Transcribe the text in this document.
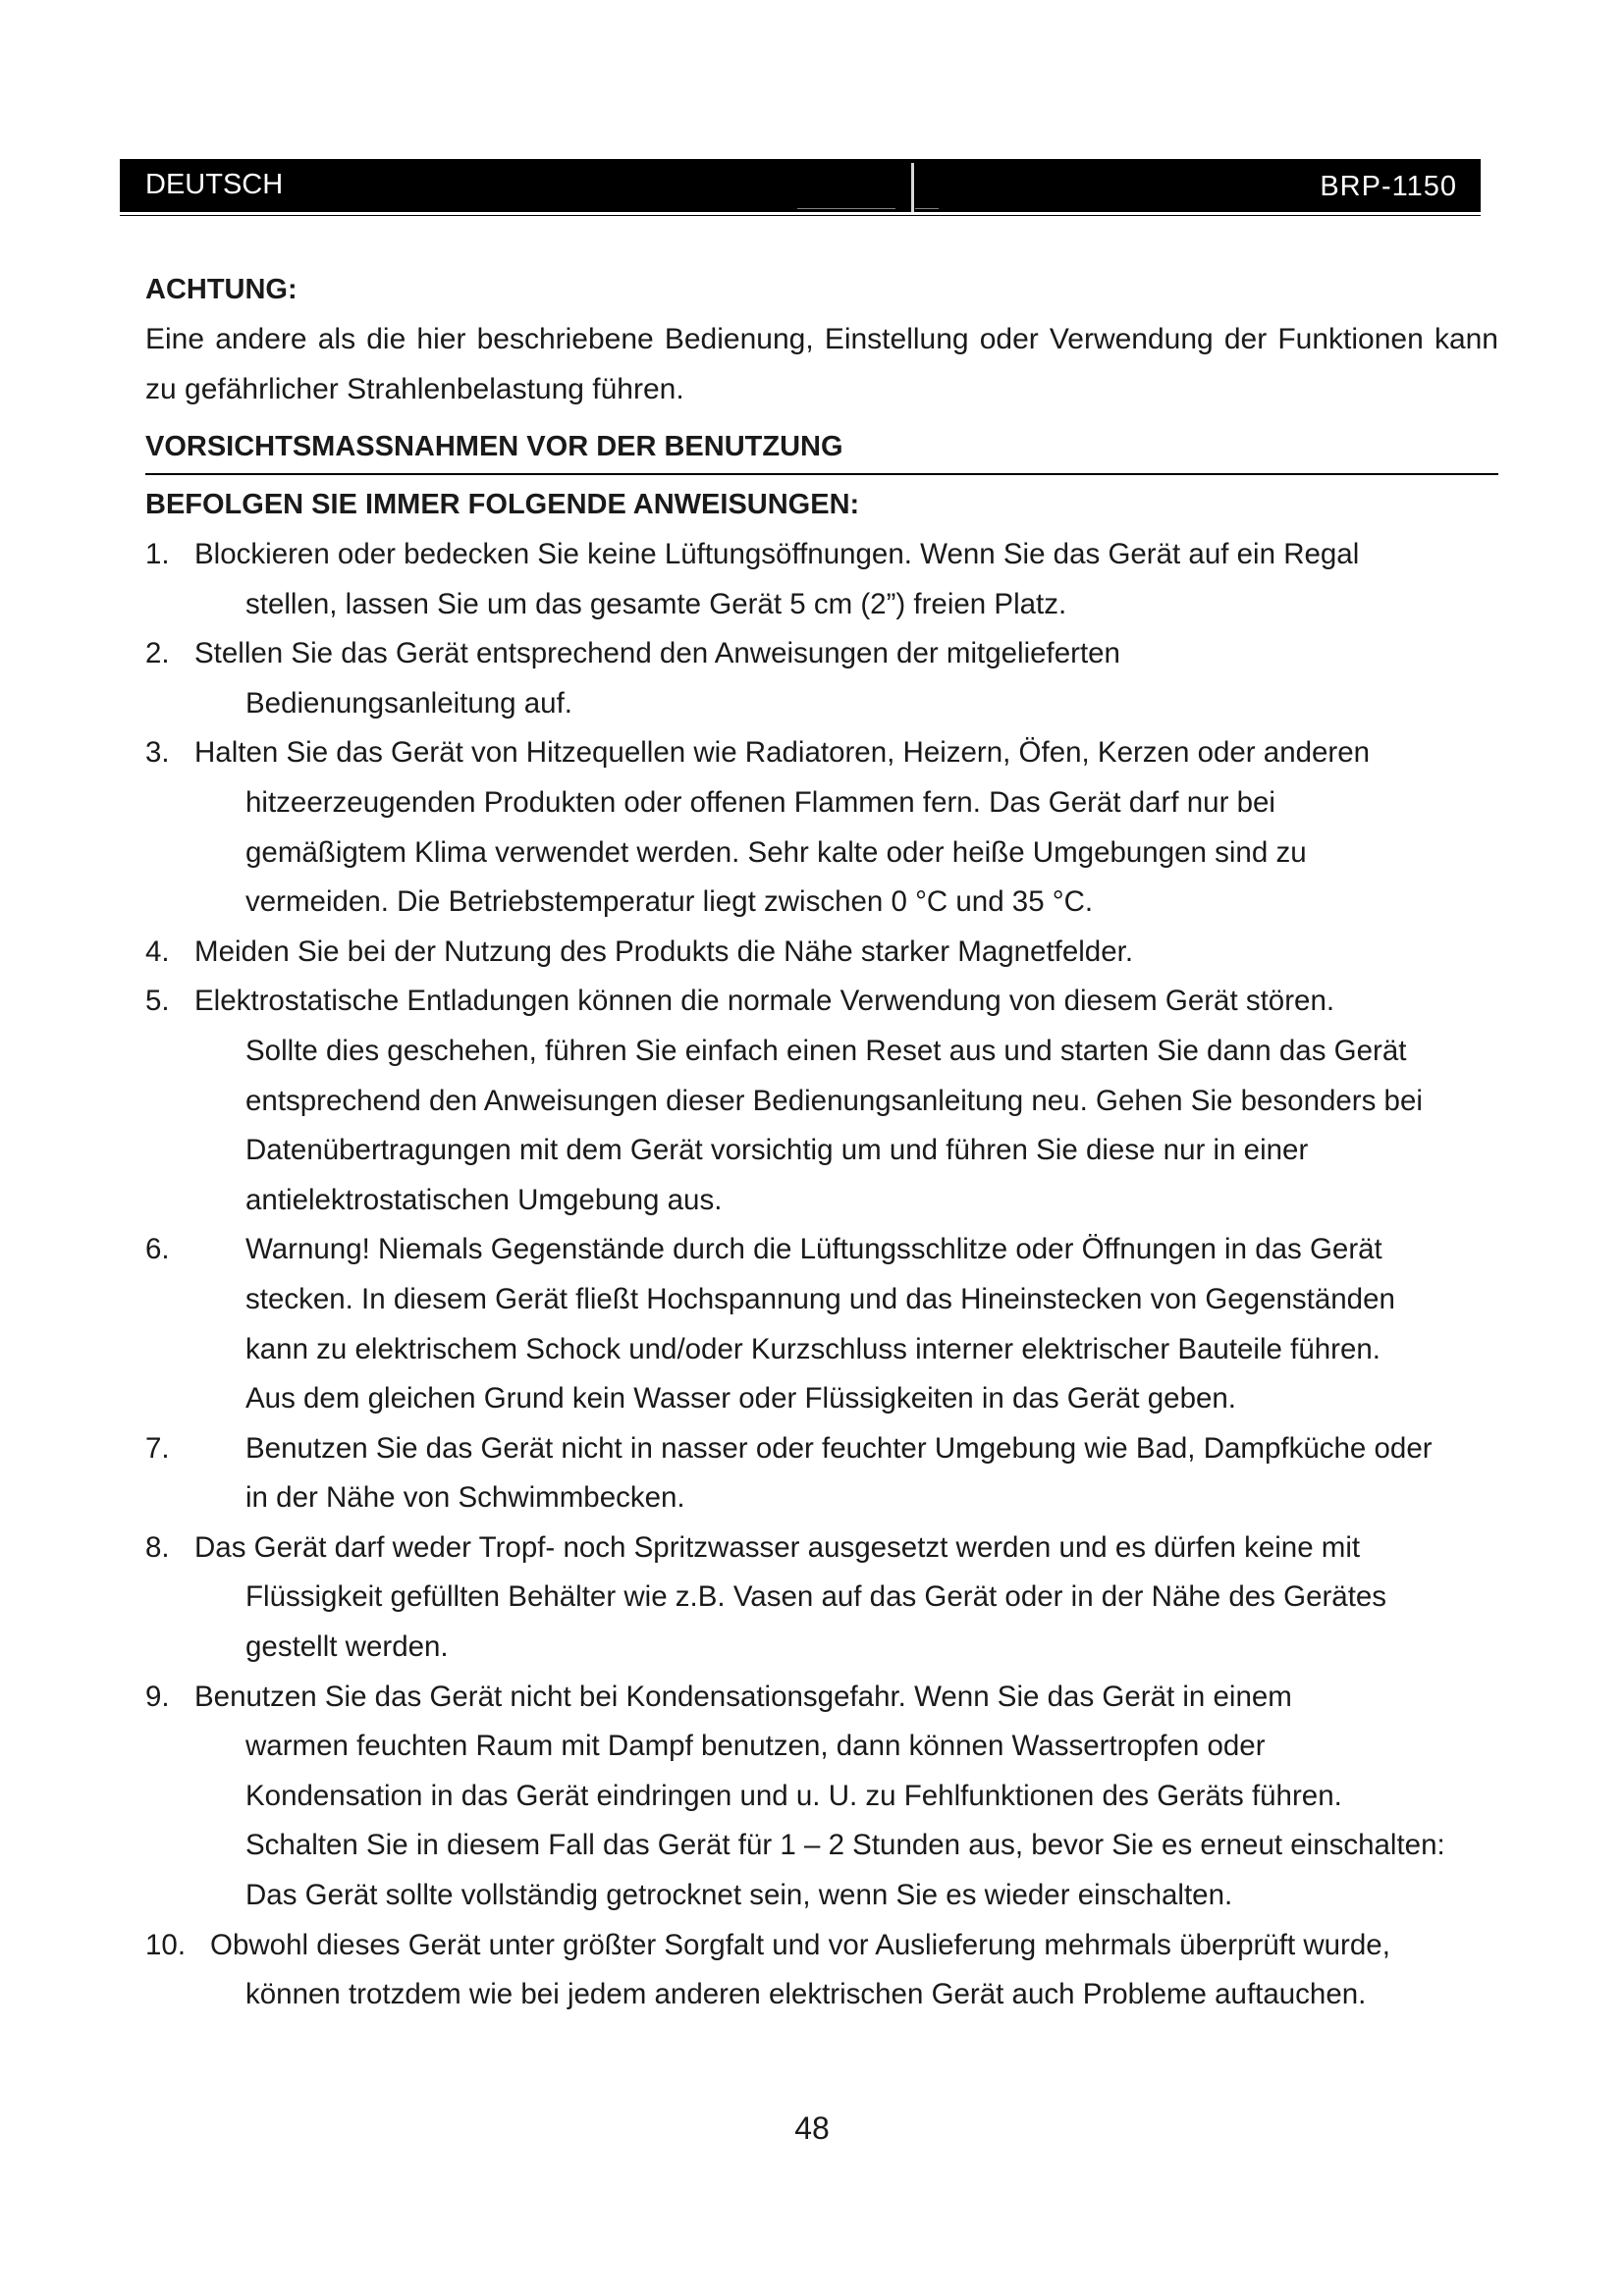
DEUTSCH	BRP-1150
ACHTUNG:
Eine andere als die hier beschriebene Bedienung, Einstellung oder Verwendung der Funktionen kann zu gefährlicher Strahlenbelastung führen.
VORSICHTSMASSNAHMEN VOR DER BENUTZUNG
BEFOLGEN SIE IMMER FOLGENDE ANWEISUNGEN:
1. Blockieren oder bedecken Sie keine Lüftungsöffnungen. Wenn Sie das Gerät auf ein Regal
stellen, lassen Sie um das gesamte Gerät 5 cm (2”) freien Platz.
2. Stellen Sie das Gerät entsprechend den Anweisungen der mitgelieferten
Bedienungsanleitung auf.
3. Halten Sie das Gerät von Hitzequellen wie Radiatoren, Heizern, Öfen, Kerzen oder anderen
hitzeerzeugenden Produkten oder offenen Flammen fern. Das Gerät darf nur bei
gemäßigtem Klima verwendet werden. Sehr kalte oder heiße Umgebungen sind zu
vermeiden. Die Betriebstemperatur liegt zwischen 0 °C und 35 °C.
4. Meiden Sie bei der Nutzung des Produkts die Nähe starker Magnetfelder.
5. Elektrostatische Entladungen können die normale Verwendung von diesem Gerät stören.
Sollte dies geschehen, führen Sie einfach einen Reset aus und starten Sie dann das Gerät
entsprechend den Anweisungen dieser Bedienungsanleitung neu. Gehen Sie besonders bei
Datenübertragungen mit dem Gerät vorsichtig um und führen Sie diese nur in einer
antielektrostatischen Umgebung aus.
6.	Warnung! Niemals Gegenstände durch die Lüftungsschlitze oder Öffnungen in das Gerät
stecken. In diesem Gerät fließt Hochspannung und das Hineinstecken von Gegenständen
kann zu elektrischem Schock und/oder Kurzschluss interner elektrischer Bauteile führen.
Aus dem gleichen Grund kein Wasser oder Flüssigkeiten in das Gerät geben.
7.	Benutzen Sie das Gerät nicht in nasser oder feuchter Umgebung wie Bad, Dampfküche oder
in der Nähe von Schwimmbecken.
8. Das Gerät darf weder Tropf- noch Spritzwasser ausgesetzt werden und es dürfen keine mit
Flüssigkeit gefüllten Behälter wie z.B. Vasen auf das Gerät oder in der Nähe des Gerätes
gestellt werden.
9. Benutzen Sie das Gerät nicht bei Kondensationsgefahr. Wenn Sie das Gerät in einem
warmen feuchten Raum mit Dampf benutzen, dann können Wassertropfen oder
Kondensation in das Gerät eindringen und u. U. zu Fehlfunktionen des Geräts führen.
Schalten Sie in diesem Fall das Gerät für 1 – 2 Stunden aus, bevor Sie es erneut einschalten:
Das Gerät sollte vollständig getrocknet sein, wenn Sie es wieder einschalten.
10. Obwohl dieses Gerät unter größter Sorgfalt und vor Auslieferung mehrmals überprüft wurde,
können trotzdem wie bei jedem anderen elektrischen Gerät auch Probleme auftauchen.
48
